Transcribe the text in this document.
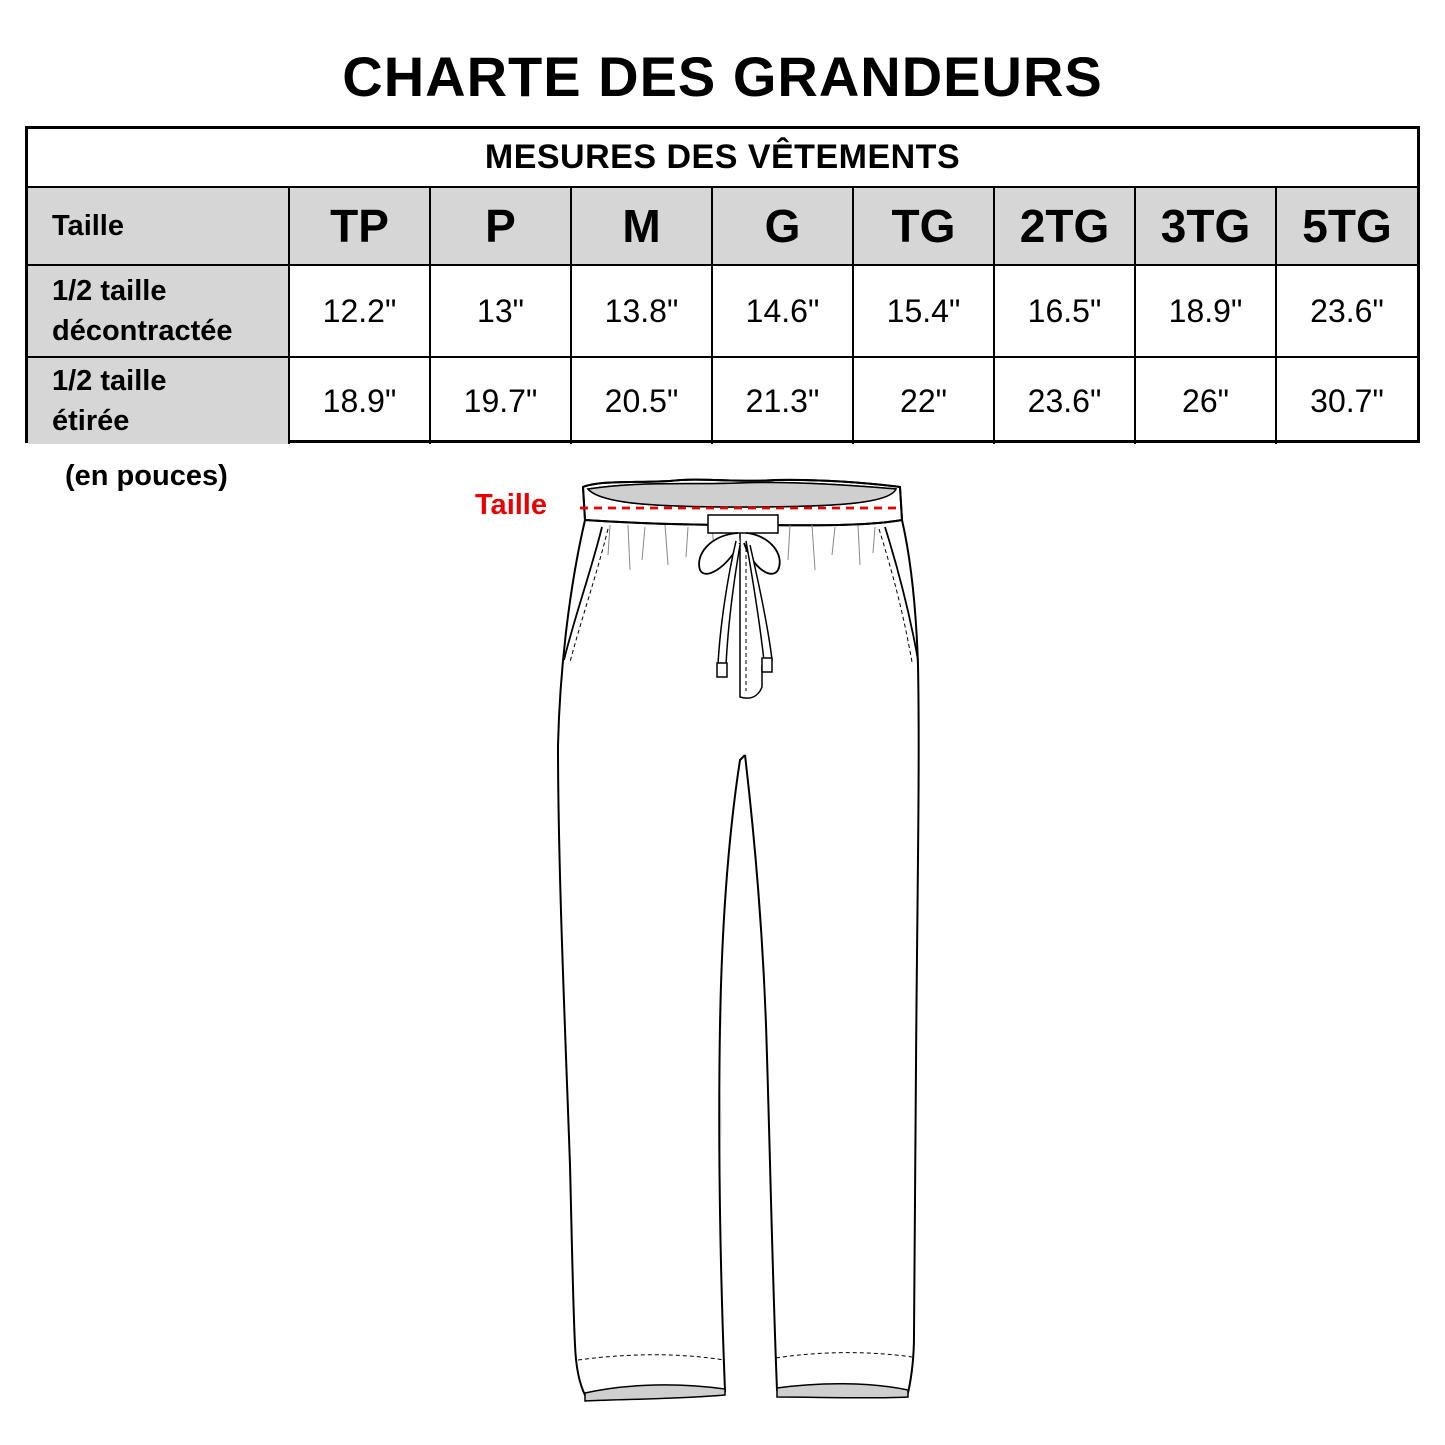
CHARTE DES GRANDEURS
MESURES DES VÊTEMENTS								
Taille	TP	P	M	G	TG	2TG	3TG	5TG

1/2 taille
décontractée	12.2"	13"	13.8"	14.6"	15.4"	16.5"	18.9"	23.6"

1/2 taille
étirée	18.9"	19.7"	20.5"	21.3"	22"	23.6"	26"	30.7"
(en pouces)
Taille
